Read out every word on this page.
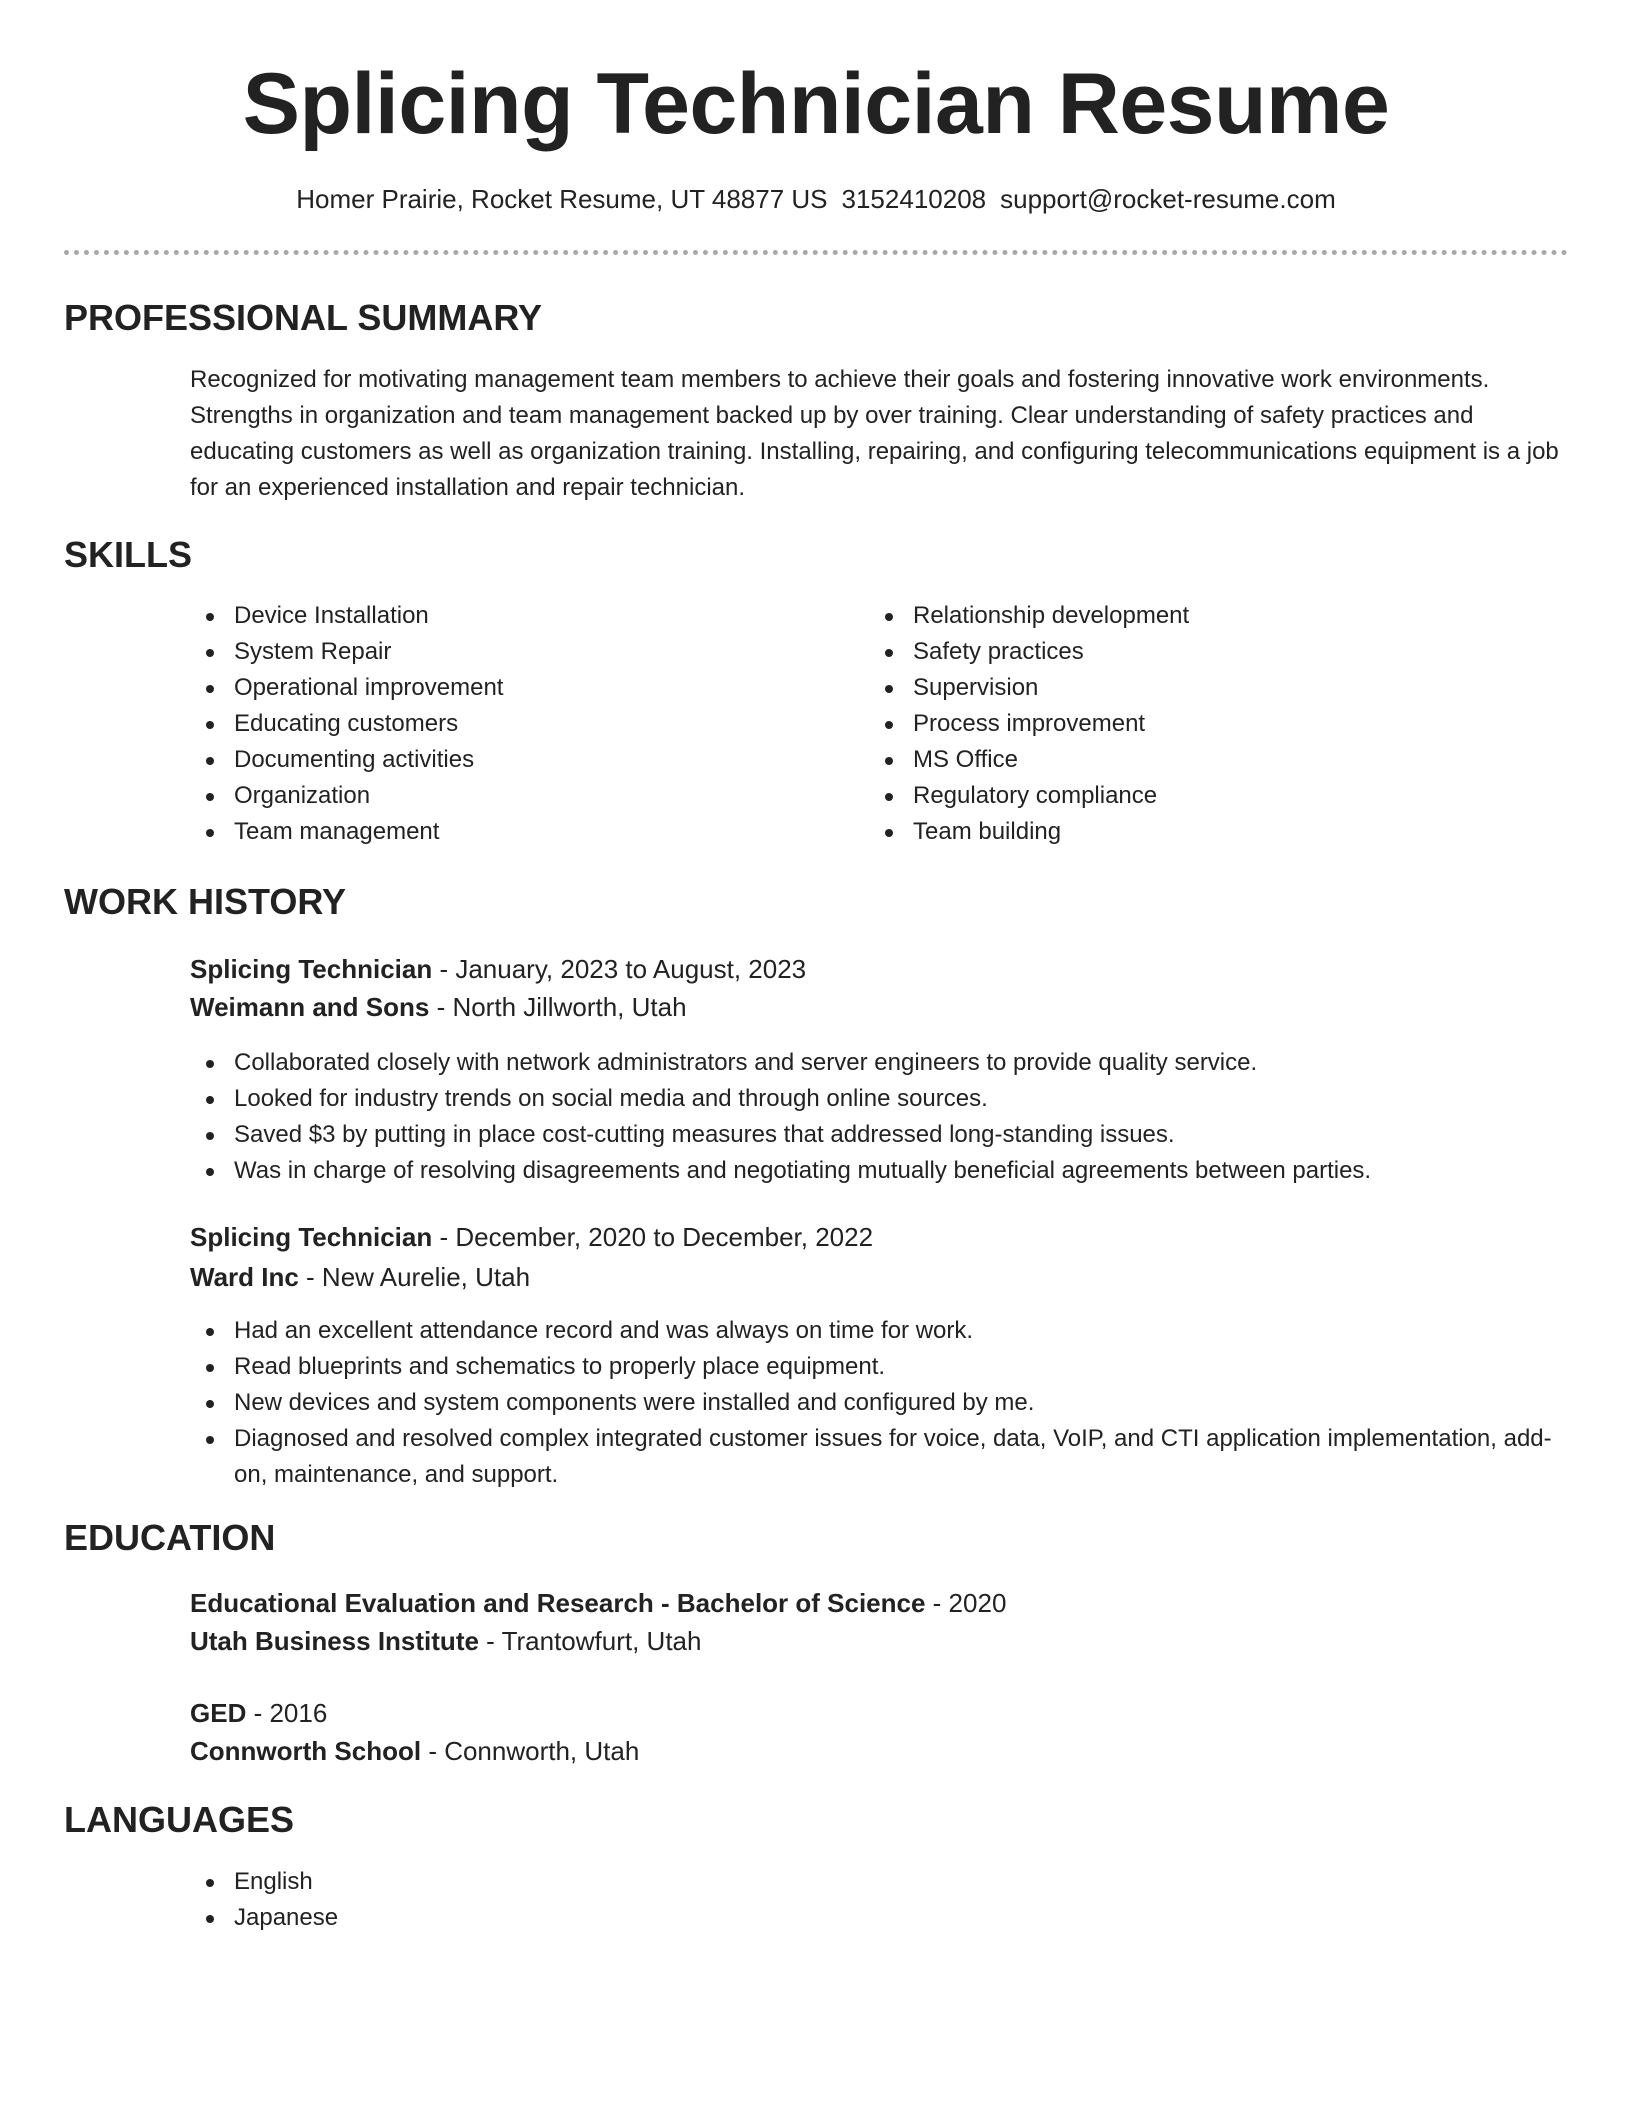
Splicing Technician Resume
Homer Prairie, Rocket Resume, UT 48877 US 3152410208 support@rocket-resume.com
PROFESSIONAL SUMMARY

Recognized for motivating management team members to achieve their goals and fostering innovative work environments. Strengths in organization and team management backed up by over training. Clear understanding of safety practices and educating customers as well as organization training. Installing, repairing, and configuring telecommunications equipment is a job for an experienced installation and repair technician.

SKILLS
Device Installation
System Repair
Operational improvement
Educating customers
Documenting activities
Organization
Team management
Relationship development
Safety practices
Supervision
Process improvement
MS Office
Regulatory compliance
Team building
WORK HISTORY
Splicing Technician - January, 2023 to August, 2023
Weimann and Sons - North Jillworth, Utah
Collaborated closely with network administrators and server engineers to provide quality service.
Looked for industry trends on social media and through online sources.
Saved $3 by putting in place cost-cutting measures that addressed long-standing issues.
Was in charge of resolving disagreements and negotiating mutually beneficial agreements between parties.
Splicing Technician - December, 2020 to December, 2022
Ward Inc - New Aurelie, Utah
Had an excellent attendance record and was always on time for work.
Read blueprints and schematics to properly place equipment.
New devices and system components were installed and configured by me.
Diagnosed and resolved complex integrated customer issues for voice, data, VoIP, and CTI application implementation, add-on, maintenance, and support.
EDUCATION
Educational Evaluation and Research - Bachelor of Science - 2020
Utah Business Institute - Trantowfurt, Utah
GED - 2016
Connworth School - Connworth, Utah
LANGUAGES
English
Japanese
